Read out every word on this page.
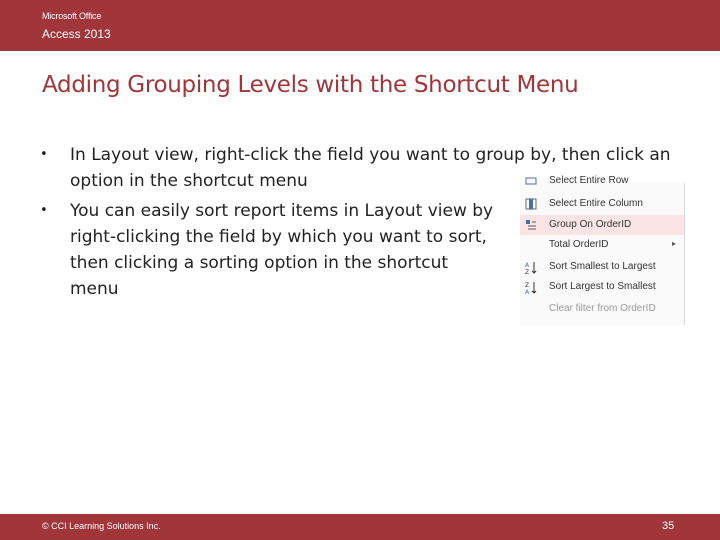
Microsoft Office
Access 2013
Adding Grouping Levels with the Shortcut Menu
• In Layout view, right-click the field you want to group by, then click an option in the shortcut menu
• You can easily sort report items in Layout view by right-clicking the field by which you want to sort, then clicking a sorting option in the shortcut menu
Select Entire Row
Select Entire Column
Group On OrderID
Total OrderID	▸
A
Z
Sort Smallest to Largest
Z
A
Sort Largest to Smallest
Clear filter from OrderID
© CCI Learning Solutions Inc.	35
